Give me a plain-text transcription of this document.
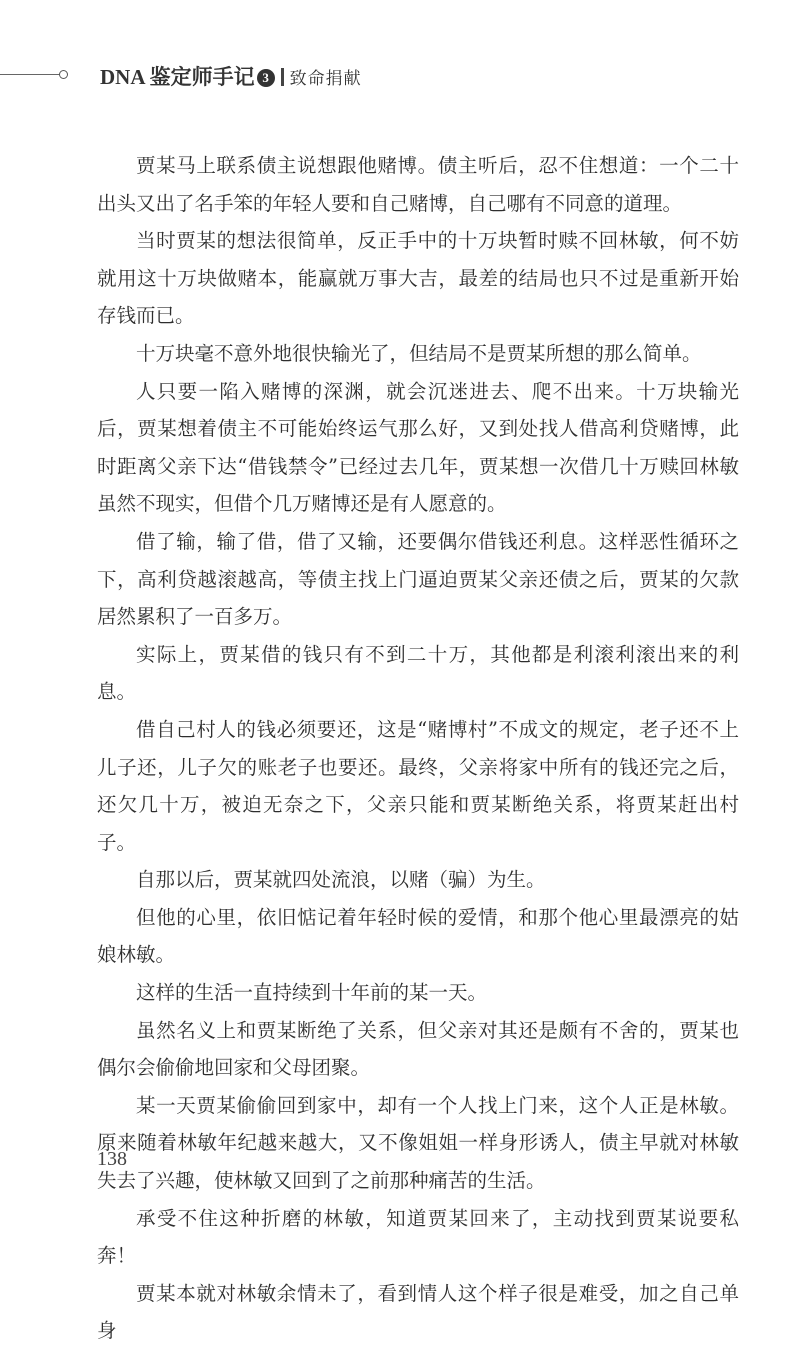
DNA 鉴定师手记 3 致命捐献

贾某马上联系债主说想跟他赌博。债主听后，忍不住想道：一个二十出头又出了名手笨的年轻人要和自己赌博，自己哪有不同意的道理。

当时贾某的想法很简单，反正手中的十万块暂时赎不回林敏，何不妨就用这十万块做赌本，能赢就万事大吉，最差的结局也只不过是重新开始存钱而已。

十万块毫不意外地很快输光了，但结局不是贾某所想的那么简单。

人只要一陷入赌博的深渊，就会沉迷进去、爬不出来。十万块输光后，贾某想着债主不可能始终运气那么好，又到处找人借高利贷赌博，此时距离父亲下达“借钱禁令”已经过去几年，贾某想一次借几十万赎回林敏虽然不现实，但借个几万赌博还是有人愿意的。

借了输，输了借，借了又输，还要偶尔借钱还利息。这样恶性循环之下，高利贷越滚越高，等债主找上门逼迫贾某父亲还债之后，贾某的欠款居然累积了一百多万。

实际上，贾某借的钱只有不到二十万，其他都是利滚利滚出来的利息。

借自己村人的钱必须要还，这是“赌博村”不成文的规定，老子还不上儿子还，儿子欠的账老子也要还。最终，父亲将家中所有的钱还完之后，还欠几十万，被迫无奈之下，父亲只能和贾某断绝关系，将贾某赶出村子。

自那以后，贾某就四处流浪，以赌（骗）为生。

但他的心里，依旧惦记着年轻时候的爱情，和那个他心里最漂亮的姑娘林敏。

这样的生活一直持续到十年前的某一天。

虽然名义上和贾某断绝了关系，但父亲对其还是颇有不舍的，贾某也偶尔会偷偷地回家和父母团聚。

某一天贾某偷偷回到家中，却有一个人找上门来，这个人正是林敏。原来随着林敏年纪越来越大，又不像姐姐一样身形诱人，债主早就对林敏失去了兴趣，使林敏又回到了之前那种痛苦的生活。

承受不住这种折磨的林敏，知道贾某回来了，主动找到贾某说要私奔！

贾某本就对林敏余情未了，看到情人这个样子很是难受，加之自己单身

138
